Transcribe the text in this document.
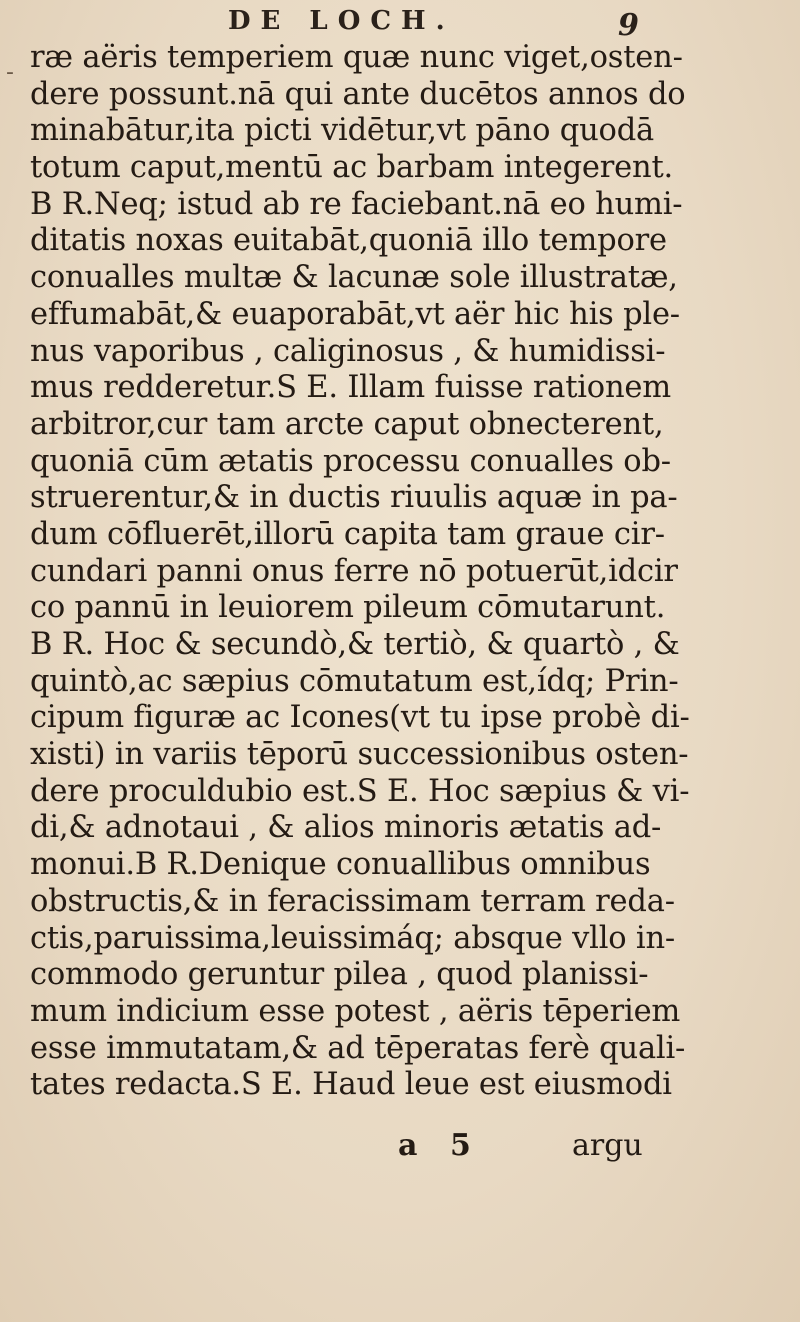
DE LOCH.	9
- ræ aëris temperiem quæ nunc viget,osten-
dere possunt.nā qui ante ducētos annos do
minabātur,ita picti vidētur,vt pāno quodā
totum caput,mentū ac barbam integerent.
B R.Neq; istud ab re faciebant.nā eo humi-
ditatis noxas euitabāt,quoniā illo tempore
conualles multæ & lacunæ sole illustratæ,
effumabāt,& euaporabāt,vt aër hic his ple-
nus vaporibus , caliginosus , & humidissi-
mus redderetur.S E. Illam fuisse rationem
arbitror,cur tam arcte caput obnecterent,
quoniā cūm ætatis processu conualles ob-
struerentur,& in ductis riuulis aquæ in pa-
dum cōfluerēt,illorū capita tam graue cir-
cundari panni onus ferre nō potuerūt,idcir
co pannū in leuiorem pileum cōmutarunt.
B R. Hoc & secundò,& tertiò, & quartò , &
quintò,ac sæpius cōmutatum est,ídq; Prin-
cipum figuræ ac Icones(vt tu ipse probè di-
xisti) in variis tēporū successionibus osten-
dere proculdubio est.S E. Hoc sæpius & vi-
di,& adnotaui , & alios minoris ætatis ad-
monui.B R.Denique conuallibus omnibus
obstructis,& in feracissimam terram reda-
ctis,paruissima,leuissimáq; absque vllo in-
commodo geruntur pilea , quod planissi-
mum indicium esse potest , aëris tēperiem
esse immutatam,& ad tēperatas ferè quali-
tates redacta.S E. Haud leue est eiusmodi
a 5	argu
